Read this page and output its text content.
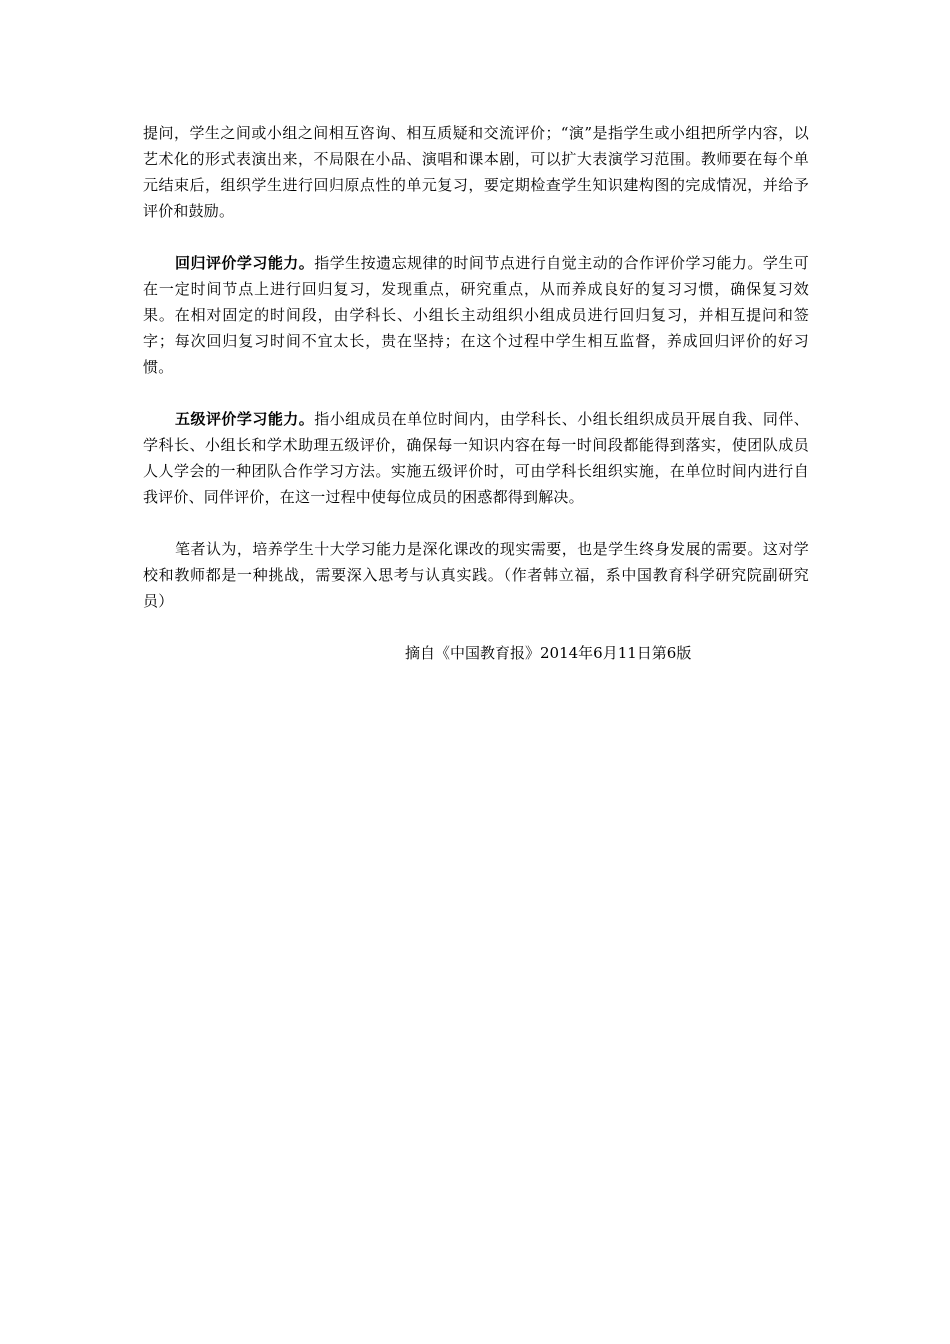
提问，学生之间或小组之间相互咨询、相互质疑和交流评价；“演”是指学生或小组把所学内容，以艺术化的形式表演出来，不局限在小品、演唱和课本剧，可以扩大表演学习范围。教师要在每个单元结束后，组织学生进行回归原点性的单元复习，要定期检查学生知识建构图的完成情况，并给予评价和鼓励。

回归评价学习能力。指学生按遗忘规律的时间节点进行自觉主动的合作评价学习能力。学生可在一定时间节点上进行回归复习，发现重点，研究重点，从而养成良好的复习习惯，确保复习效果。在相对固定的时间段，由学科长、小组长主动组织小组成员进行回归复习，并相互提问和签字；每次回归复习时间不宜太长，贵在坚持；在这个过程中学生相互监督，养成回归评价的好习惯。

五级评价学习能力。指小组成员在单位时间内，由学科长、小组长组织成员开展自我、同伴、学科长、小组长和学术助理五级评价，确保每一知识内容在每一时间段都能得到落实，使团队成员人人学会的一种团队合作学习方法。实施五级评价时，可由学科长组织实施，在单位时间内进行自我评价、同伴评价，在这一过程中使每位成员的困惑都得到解决。

笔者认为，培养学生十大学习能力是深化课改的现实需要，也是学生终身发展的需要。这对学校和教师都是一种挑战，需要深入思考与认真实践。（作者韩立福，系中国教育科学研究院副研究员）

摘自《中国教育报》2014年6月11日第6版
